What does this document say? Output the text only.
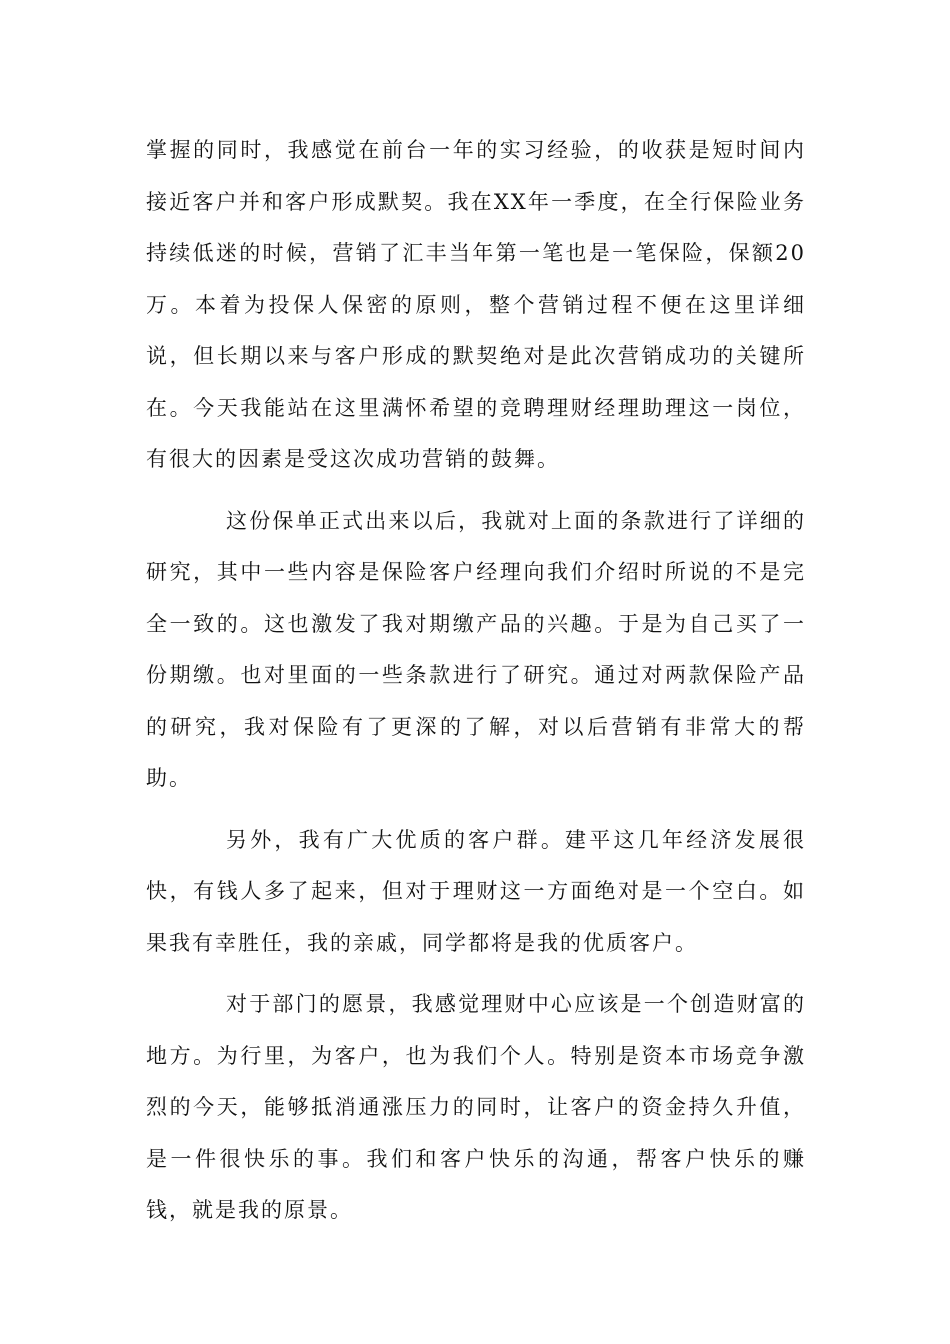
掌握的同时，我感觉在前台一年的实习经验，的收获是短时间内接近客户并和客户形成默契。我在XX年一季度，在全行保险业务持续低迷的时候，营销了汇丰当年第一笔也是一笔保险，保额20万。本着为投保人保密的原则，整个营销过程不便在这里详细说，但长期以来与客户形成的默契绝对是此次营销成功的关键所在。今天我能站在这里满怀希望的竞聘理财经理助理这一岗位，有很大的因素是受这次成功营销的鼓舞。

这份保单正式出来以后，我就对上面的条款进行了详细的研究，其中一些内容是保险客户经理向我们介绍时所说的不是完全一致的。这也激发了我对期缴产品的兴趣。于是为自己买了一份期缴。也对里面的一些条款进行了研究。通过对两款保险产品的研究，我对保险有了更深的了解，对以后营销有非常大的帮助。

另外，我有广大优质的客户群。建平这几年经济发展很快，有钱人多了起来，但对于理财这一方面绝对是一个空白。如果我有幸胜任，我的亲戚，同学都将是我的优质客户。

对于部门的愿景，我感觉理财中心应该是一个创造财富的地方。为行里，为客户，也为我们个人。特别是资本市场竞争激烈的今天，能够抵消通涨压力的同时，让客户的资金持久升值，是一件很快乐的事。我们和客户快乐的沟通，帮客户快乐的赚钱，就是我的原景。
